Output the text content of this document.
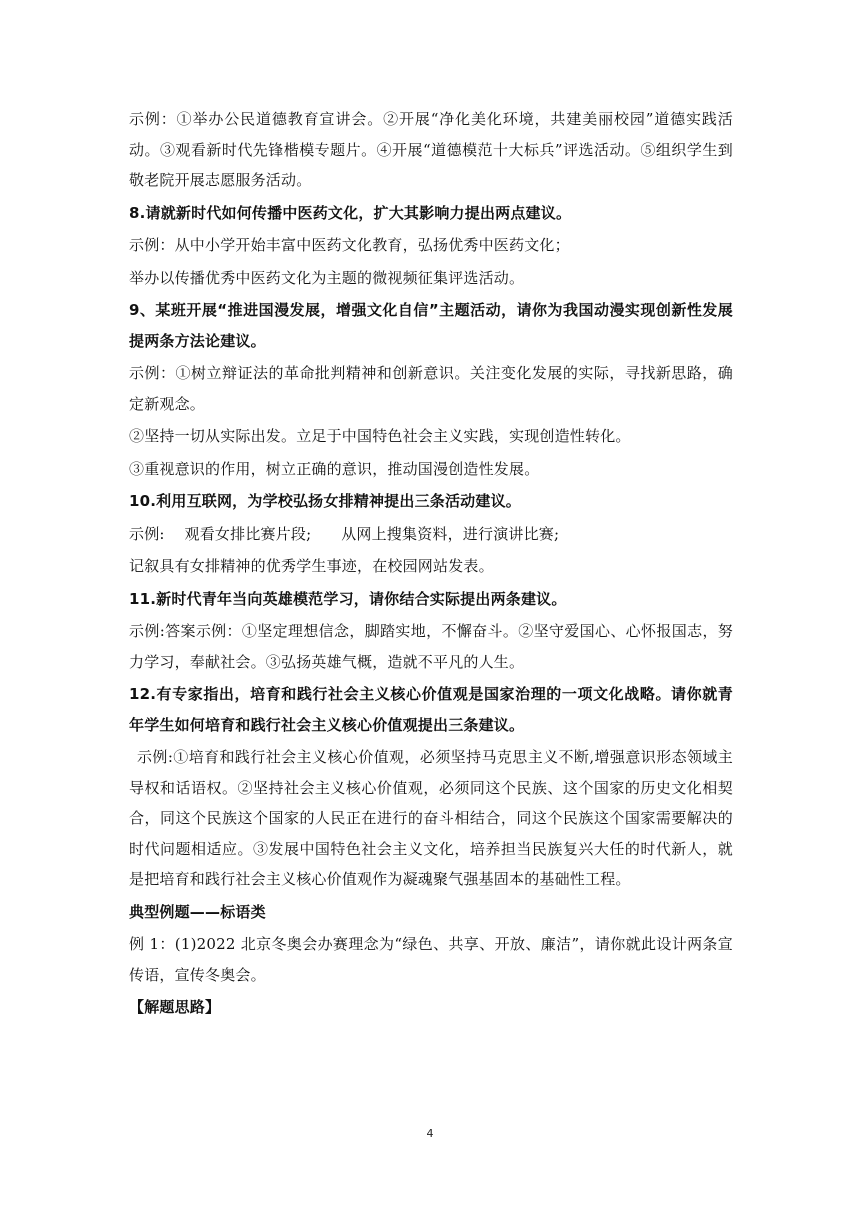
示例：①举办公民道德教育宣讲会。②开展“净化美化环境，共建美丽校园”道德实践活动。③观看新时代先锋楷模专题片。④开展“道德模范十大标兵”评选活动。⑤组织学生到敬老院开展志愿服务活动。

8.请就新时代如何传播中医药文化，扩大其影响力提出两点建议。

示例：从中小学开始丰富中医药文化教育，弘扬优秀中医药文化；

举办以传播优秀中医药文化为主题的微视频征集评选活动。

9、某班开展“推进国漫发展，增强文化自信”主题活动，请你为我国动漫实现创新性发展提两条方法论建议。

示例：①树立辩证法的革命批判精神和创新意识。关注变化发展的实际，寻找新思路，确定新观念。

②坚持一切从实际出发。立足于中国特色社会主义实践，实现创造性转化。

③重视意识的作用，树立正确的意识，推动国漫创造性发展。

10.利用互联网，为学校弘扬女排精神提出三条活动建议。

示例:    观看女排比赛片段;      从网上搜集资料，进行演讲比赛;

记叙具有女排精神的优秀学生事迹，在校园网站发表。

11.新时代青年当向英雄模范学习，请你结合实际提出两条建议。

示例:答案示例：①坚定理想信念，脚踏实地，不懈奋斗。②坚守爱国心、心怀报国志，努力学习，奉献社会。③弘扬英雄气概，造就不平凡的人生。

12.有专家指出，培育和践行社会主义核心价值观是国家治理的一项文化战略。请你就青年学生如何培育和践行社会主义核心价值观提出三条建议。

示例:①培育和践行社会主义核心价值观，必须坚持马克思主义不断,增强意识形态领域主导权和话语权。②坚持社会主义核心价值观，必须同这个民族、这个国家的历史文化相契合，同这个民族这个国家的人民正在进行的奋斗相结合，同这个民族这个国家需要解决的时代问题相适应。③发展中国特色社会主义文化，培养担当民族复兴大任的时代新人，就是把培育和践行社会主义核心价值观作为凝魂聚气强基固本的基础性工程。

典型例题——标语类

例 1：(1)2022 北京冬奥会办赛理念为“绿色、共享、开放、廉洁”，请你就此设计两条宣传语，宣传冬奥会。

【解题思路】

4
